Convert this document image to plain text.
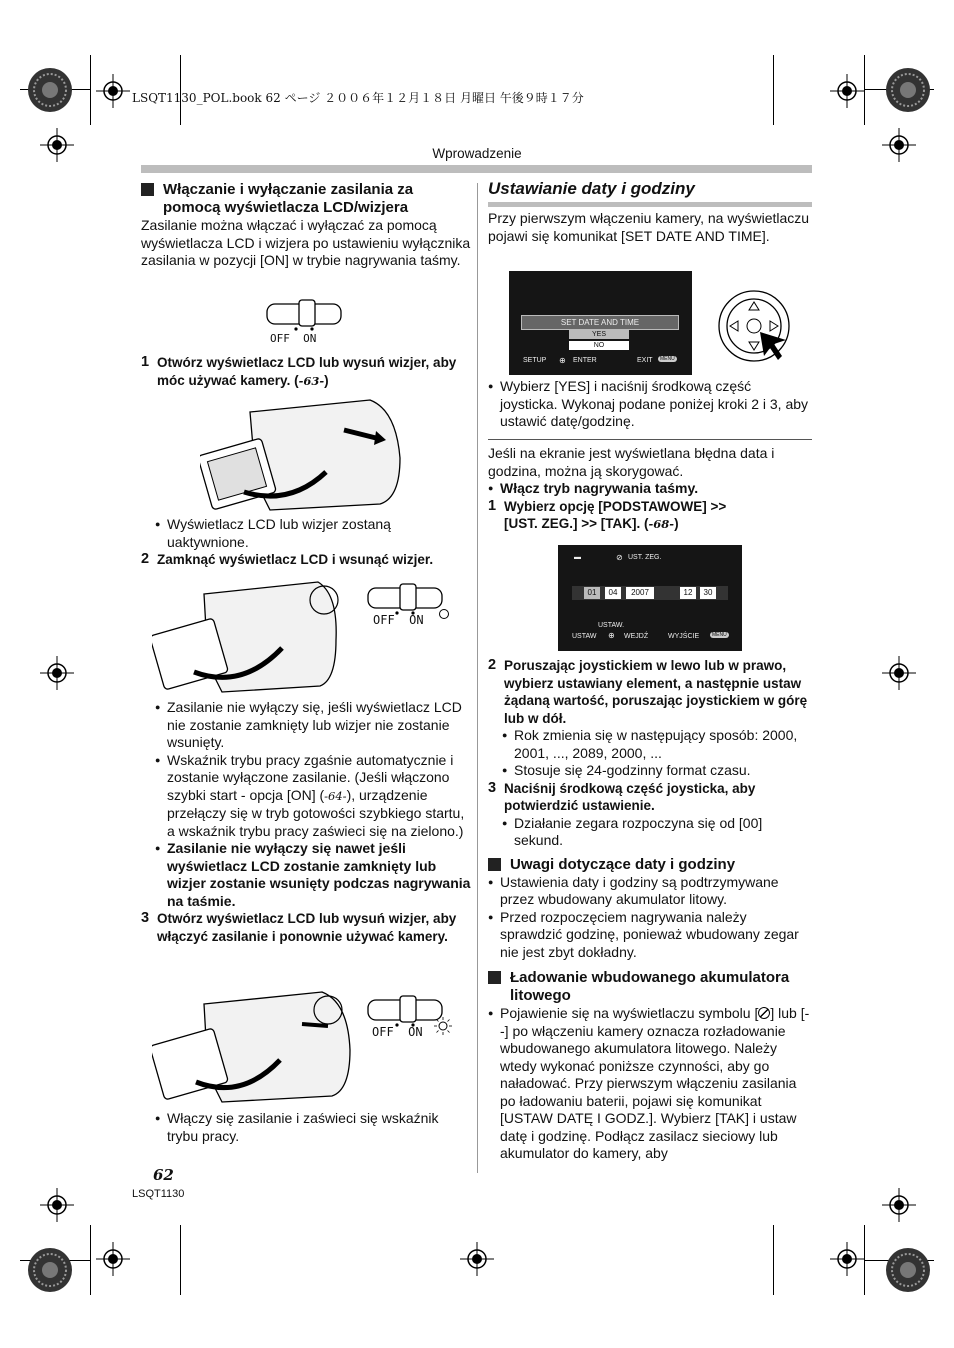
LSQT1130_POL.book 62 ページ ２００６年１２月１８日 月曜日 午後９時１７分
Wprowadzenie
Włączanie i wyłączanie zasilania za pomocą wyświetlacza LCD/wizjera

Zasilanie można włączać i wyłączać za pomocą wyświetlacza LCD i wizjera po ustawieniu wyłącznika zasilania w pozycji [ON] w trybie nagrywania taśmy.

OFF ON

1 Otwórz wyświetlacz LCD lub wysuń wizjer, aby móc używać kamery. (-63-)

● Wyświetlacz LCD lub wizjer zostaną uaktywnione.

2 Zamknąć wyświetlacz LCD i wsunąć wizjer.

OFF ON

● Zasilanie nie wyłączy się, jeśli wyświetlacz LCD nie zostanie zamknięty lub wizjer nie zostanie wsunięty.

● Wskaźnik trybu pracy zgaśnie automatycznie i zostanie wyłączone zasilanie. (Jeśli włączono szybki start - opcja [ON] (-64-), urządzenie przełączy się w tryb gotowości szybkiego startu, a wskaźnik trybu pracy zaświeci się na zielono.)

● Zasilanie nie wyłączy się nawet jeśli wyświetlacz LCD zostanie zamknięty lub wizjer zostanie wsunięty podczas nagrywania na taśmie.

3 Otwórz wyświetlacz LCD lub wysuń wizjer, aby włączyć zasilanie i ponownie używać kamery.

OFF ON

● Włączy się zasilanie i zaświeci się wskaźnik trybu pracy.

Ustawianie daty i godziny

Przy pierwszym włączeniu kamery, na wyświetlaczu pojawi się komunikat [SET DATE AND TIME].

SET DATE AND TIME
YES
NO
SETUP ⊕ ENTER	EXIT	MENU

● Wybierz [YES] i naciśnij środkową część joysticka. Wykonaj podane poniżej kroki 2 i 3, aby ustawić datę/godzinę.

Jeśli na ekranie jest wyświetlana błędna data i godzina, można ją skorygować.

● Włącz tryb nagrywania taśmy.

1 Wybierz opcję [PODSTAWOWE] >>
[UST. ZEG.] >> [TAK]. (-68-)

▬	⊘ UST. ZEG.
01	04	2007	12	30
USTAW.
USTAW ⊕ WEJDŹ	WYJŚCIE	MENU

2 Poruszając joystickiem w lewo lub w prawo, wybierz ustawiany element, a następnie ustaw żądaną wartość, poruszając joystickiem w górę lub w dół.

● Rok zmienia się w następujący sposób: 2000, 2001, ..., 2089, 2000, ...

● Stosuje się 24-godzinny format czasu.

3 Naciśnij środkową część joysticka, aby potwierdzić ustawienie.

● Działanie zegara rozpoczyna się od [00] sekund.

Uwagi dotyczące daty i godziny

● Ustawienia daty i godziny są podtrzymywane przez wbudowany akumulator litowy.

● Przed rozpoczęciem nagrywania należy sprawdzić godzinę, ponieważ wbudowany zegar nie jest zbyt dokładny.

Ładowanie wbudowanego akumulatora litowego

● Pojawienie się na wyświetlaczu symbolu [ ] lub [--] po włączeniu kamery oznacza rozładowanie wbudowanego akumulatora litowego. Należy wtedy wykonać poniższe czynności, aby go naładować. Przy pierwszym włączeniu zasilania po ładowaniu baterii, pojawi się komunikat [USTAW DATĘ I GODZ.]. Wybierz [TAK] i ustaw datę i godzinę. Podłącz zasilacz sieciowy lub akumulator do kamery, aby

62
LSQT1130
